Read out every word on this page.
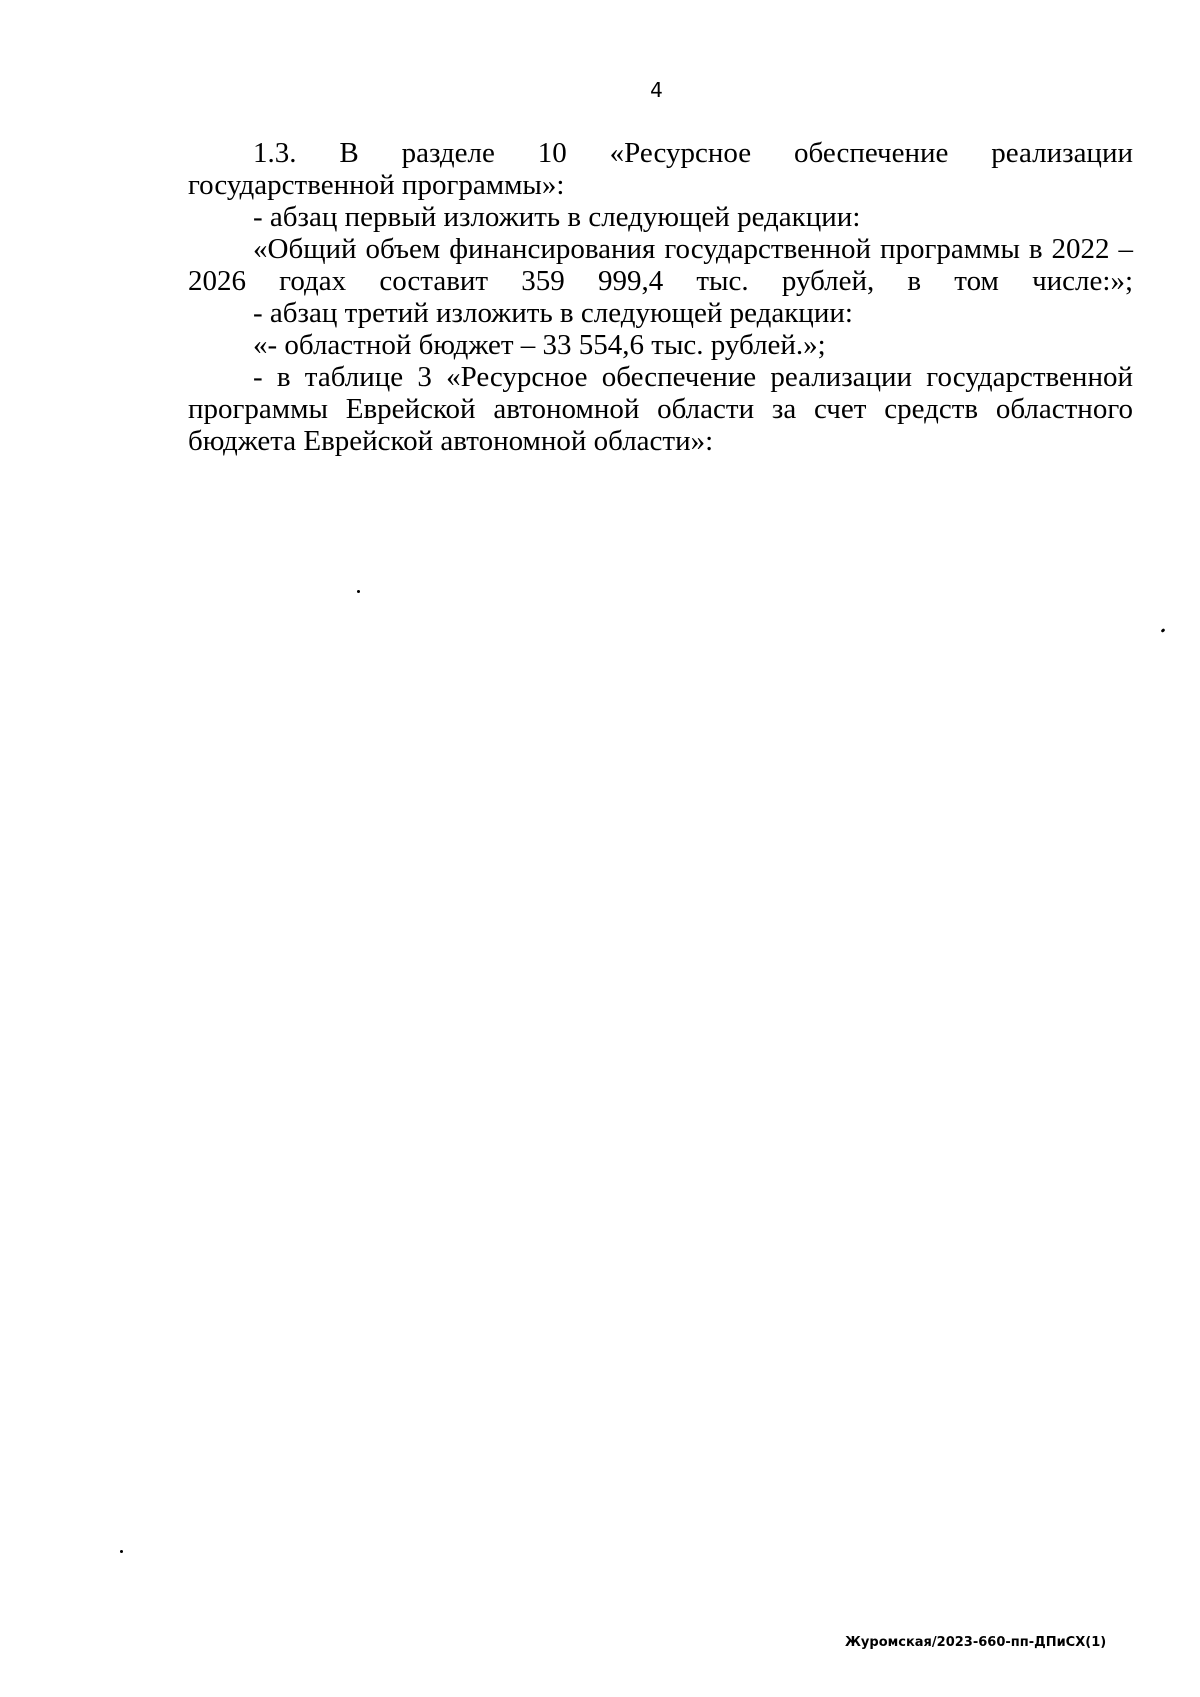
4

1.3. В разделе 10 «Ресурсное обеспечение реализации государственной программы»:

- абзац первый изложить в следующей редакции:

«Общий объем финансирования государственной программы в 2022 – 2026 годах составит 359 999,4 тыс. рублей, в том числе:»;

- абзац третий изложить в следующей редакции:

«- областной бюджет – 33 554,6 тыс. рублей.»;

- в таблице 3 «Ресурсное обеспечение реализации государственной программы Еврейской автономной области за счет средств областного бюджета Еврейской автономной области»:

Журомская/2023-660-пп-ДПиСХ(1)
